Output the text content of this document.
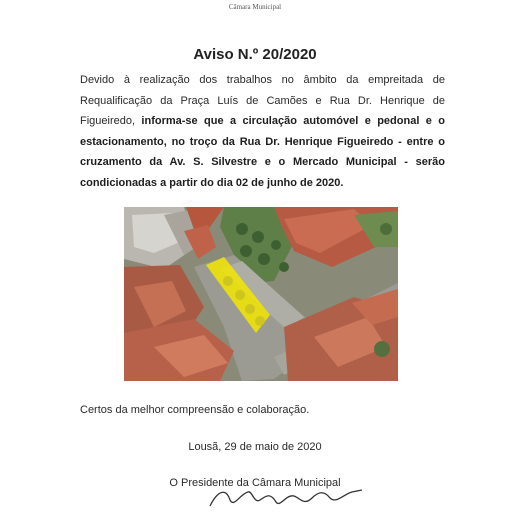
Câmara Municipal
Aviso N.º 20/2020
Devido à realização dos trabalhos no âmbito da empreitada de Requalificação da Praça Luís de Camões e Rua Dr. Henrique de Figueiredo, informa-se que a circulação automóvel e pedonal e o estacionamento, no troço da Rua Dr. Henrique Figueiredo - entre o cruzamento da Av. S. Silvestre e o Mercado Municipal - serão condicionadas a partir do dia 02 de junho de 2020.
Certos da melhor compreensão e colaboração.
Lousã, 29 de maio de 2020
O Presidente da Câmara Municipal
